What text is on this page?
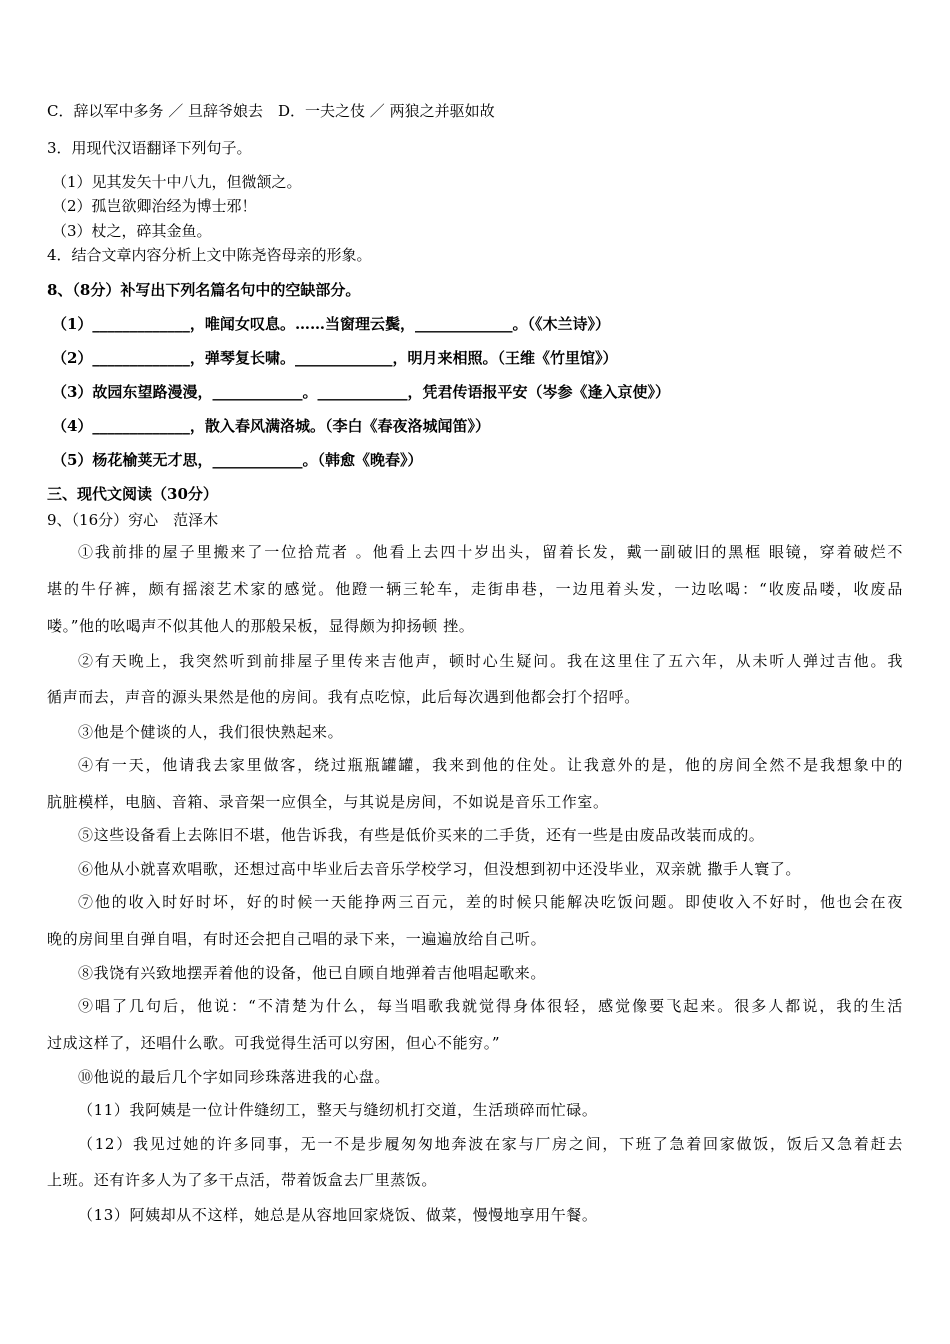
C．辞以军中多务 ／ 旦辞爷娘去　D．一夫之伎 ／ 两狼之并驱如故
3．用现代汉语翻译下列句子。
（1）见其发矢十中八九，但微颔之。
（2）孤岂欲卿治经为博士邪！
（3）杖之，碎其金鱼。
4．结合文章内容分析上文中陈尧咨母亲的形象。
8、（8分）补写出下列名篇名句中的空缺部分。
（1）_____________，唯闻女叹息。……当窗理云鬓，_____________。（《木兰诗》）
（2）_____________，弹琴复长啸。_____________，明月来相照。（王维《竹里馆》）
（3）故园东望路漫漫，____________。____________，凭君传语报平安（岑参《逢入京使》）
（4）_____________，散入春风满洛城。（李白《春夜洛城闻笛》）
（5）杨花榆荚无才思，____________。（韩愈《晚春》）
三、现代文阅读（30分）
9、（16分）穷心　范泽木
①我前排的屋子里搬来了一位拾荒者 。他看上去四十岁出头，留着长发，戴一副破旧的黑框 眼镜，穿着破烂不
堪的牛仔裤，颇有摇滚艺术家的感觉。他蹬一辆三轮车，走街串巷，一边甩着头发，一边吆喝：“收废品喽，收废品
喽。”他的吆喝声不似其他人的那般呆板，显得颇为抑扬顿 挫。
②有天晚上，我突然听到前排屋子里传来吉他声，顿时心生疑问。我在这里住了五六年，从未听人弹过吉他。我
循声而去，声音的源头果然是他的房间。我有点吃惊，此后每次遇到他都会打个招呼。
③他是个健谈的人，我们很快熟起来。
④有一天，他请我去家里做客，绕过瓶瓶罐罐，我来到他的住处。让我意外的是，他的房间全然不是我想象中的
肮脏模样，电脑、音箱、录音架一应俱全，与其说是房间，不如说是音乐工作室。
⑤这些设备看上去陈旧不堪，他告诉我，有些是低价买来的二手货，还有一些是由废品改装而成的。
⑥他从小就喜欢唱歌，还想过高中毕业后去音乐学校学习，但没想到初中还没毕业，双亲就 撒手人寰了。
⑦他的收入时好时坏，好的时候一天能挣两三百元，差的时候只能解决吃饭问题。即使收入不好时，他也会在夜
晚的房间里自弹自唱，有时还会把自己唱的录下来，一遍遍放给自己听。
⑧我饶有兴致地摆弄着他的设备，他已自顾自地弹着吉他唱起歌来。
⑨唱了几句后，他说：“不清楚为什么，每当唱歌我就觉得身体很轻，感觉像要飞起来。很多人都说，我的生活
过成这样了，还唱什么歌。可我觉得生活可以穷困，但心不能穷。”
⑩他说的最后几个字如同珍珠落进我的心盘。
（11）我阿姨是一位计件缝纫工，整天与缝纫机打交道，生活琐碎而忙碌。
（12）我见过她的许多同事，无一不是步履匆匆地奔波在家与厂房之间，下班了急着回家做饭，饭后又急着赶去
上班。还有许多人为了多干点活，带着饭盒去厂里蒸饭。
（13）阿姨却从不这样，她总是从容地回家烧饭、做菜，慢慢地享用午餐。
